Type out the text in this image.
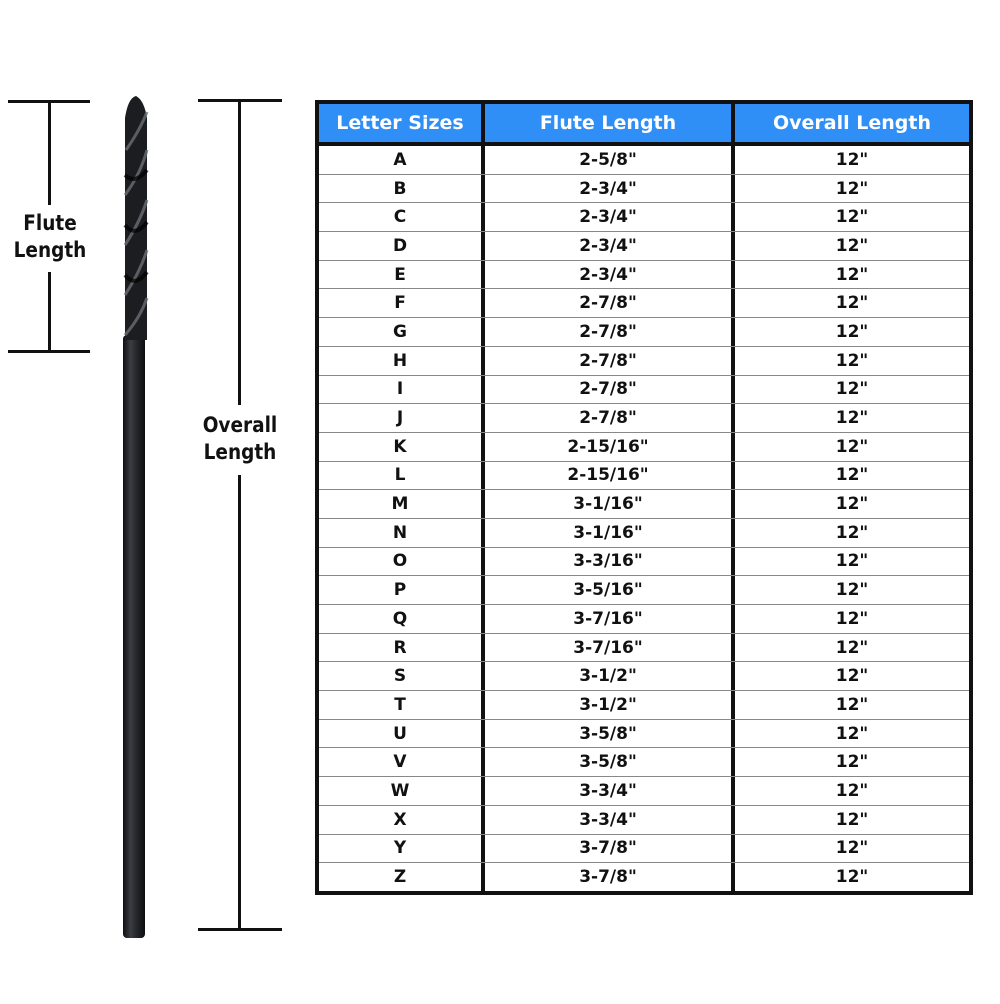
Flute
Length
Overall
Length
Letter Sizes	Flute Length	Overall Length
A	2-5/8"	12"
B	2-3/4"	12"
C	2-3/4"	12"
D	2-3/4"	12"
E	2-3/4"	12"
F	2-7/8"	12"
G	2-7/8"	12"
H	2-7/8"	12"
I	2-7/8"	12"
J	2-7/8"	12"
K	2-15/16"	12"
L	2-15/16"	12"
M	3-1/16"	12"
N	3-1/16"	12"
O	3-3/16"	12"
P	3-5/16"	12"
Q	3-7/16"	12"
R	3-7/16"	12"
S	3-1/2"	12"
T	3-1/2"	12"
U	3-5/8"	12"
V	3-5/8"	12"
W	3-3/4"	12"
X	3-3/4"	12"
Y	3-7/8"	12"
Z	3-7/8"	12"
